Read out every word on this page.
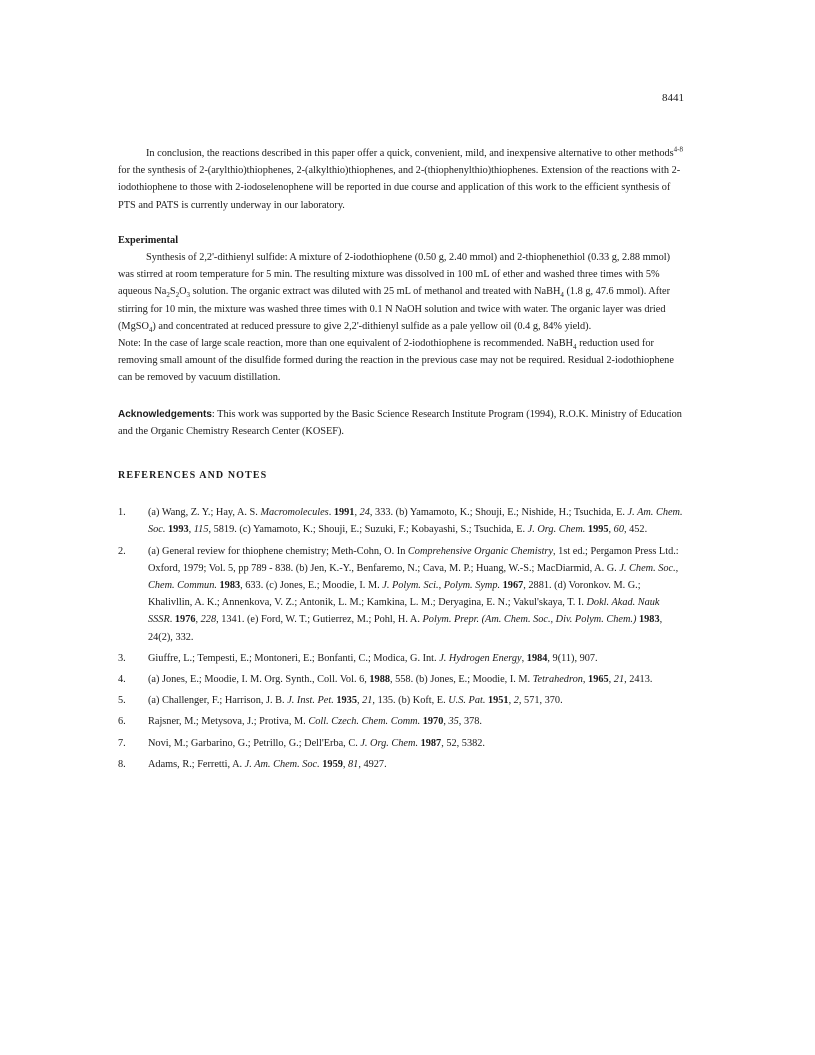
8441

In conclusion, the reactions described in this paper offer a quick, convenient, mild, and inexpensive alternative to other methods$^{4-8}$ for the synthesis of 2-(arylthio)thiophenes, 2-(alkylthio)thiophenes, and 2-(thiophenylthio)thiophenes. Extension of the reactions with 2-iodothiophene to those with 2-iodoselenophene will be reported in due course and application of this work to the efficient synthesis of PTS and PATS is currently underway in our laboratory.

Experimental

Synthesis of 2,2'-dithienyl sulfide: A mixture of 2-iodothiophene (0.50 g, 2.40 mmol) and 2-thiophenethiol (0.33 g, 2.88 mmol) was stirred at room temperature for 5 min. The resulting mixture was dissolved in 100 mL of ether and washed three times with 5% aqueous $Na_2S_2O_3$ solution. The organic extract was diluted with 25 mL of methanol and treated with NaBH$_4$ (1.8 g, 47.6 mmol). After stirring for 10 min, the mixture was washed three times with 0.1 N NaOH solution and twice with water. The organic layer was dried (MgSO$_4$) and concentrated at reduced pressure to give 2,2'-dithienyl sulfide as a pale yellow oil (0.4 g, 84% yield).

Note: In the case of large scale reaction, more than one equivalent of 2-iodothiophene is recommended. NaBH$_4$ reduction used for removing small amount of the disulfide formed during the reaction in the previous case may not be required. Residual 2-iodothiophene can be removed by vacuum distillation.

Acknowledgements: This work was supported by the Basic Science Research Institute Program (1994), R.O.K. Ministry of Education and the Organic Chemistry Research Center (KOSEF).

REFERENCES AND NOTES

1.	(a) Wang, Z. Y.; Hay, A. S. Macromolecules. 1991, 24, 333. (b) Yamamoto, K.; Shouji, E.; Nishide, H.; Tsuchida, E. J. Am. Chem. Soc. 1993, 115, 5819. (c) Yamamoto, K.; Shouji, E.; Suzuki, F.; Kobayashi, S.; Tsuchida, E. J. Org. Chem. 1995, 60, 452.
2.	(a) General review for thiophene chemistry; Meth-Cohn, O. In Comprehensive Organic Chemistry, 1st ed.; Pergamon Press Ltd.: Oxford, 1979; Vol. 5, pp 789 - 838. (b) Jen, K.-Y., Benfaremo, N.; Cava, M. P.; Huang, W.-S.; MacDiarmid, A. G. J. Chem. Soc., Chem. Commun. 1983, 633. (c) Jones, E.; Moodie, I. M. J. Polym. Sci., Polym. Symp. 1967, 2881. (d) Voronkov. M. G.; Khalivllin, A. K.; Annenkova, V. Z.; Antonik, L. M.; Kamkina, L. M.; Deryagina, E. N.; Vakul'skaya, T. I. Dokl. Akad. Nauk SSSR. 1976, 228, 1341. (e) Ford, W. T.; Gutierrez, M.; Pohl, H. A. Polym. Prepr. (Am. Chem. Soc., Div. Polym. Chem.) 1983, 24(2), 332.
3.	Giuffre, L.; Tempesti, E.; Montoneri, E.; Bonfanti, C.; Modica, G. Int. J. Hydrogen Energy, 1984, 9(11), 907.
4.	(a) Jones, E.; Moodie, I. M. Org. Synth., Coll. Vol. 6, 1988, 558. (b) Jones, E.; Moodie, I. M. Tetrahedron, 1965, 21, 2413.
5.	(a) Challenger, F.; Harrison, J. B. J. Inst. Pet. 1935, 21, 135. (b) Koft, E. U.S. Pat. 1951, 2, 571, 370.
6.	Rajsner, M.; Metysova, J.; Protiva, M. Coll. Czech. Chem. Comm. 1970, 35, 378.
7.	Novi, M.; Garbarino, G.; Petrillo, G.; Dell'Erba, C. J. Org. Chem. 1987, 52, 5382.
8.	Adams, R.; Ferretti, A. J. Am. Chem. Soc. 1959, 81, 4927.
